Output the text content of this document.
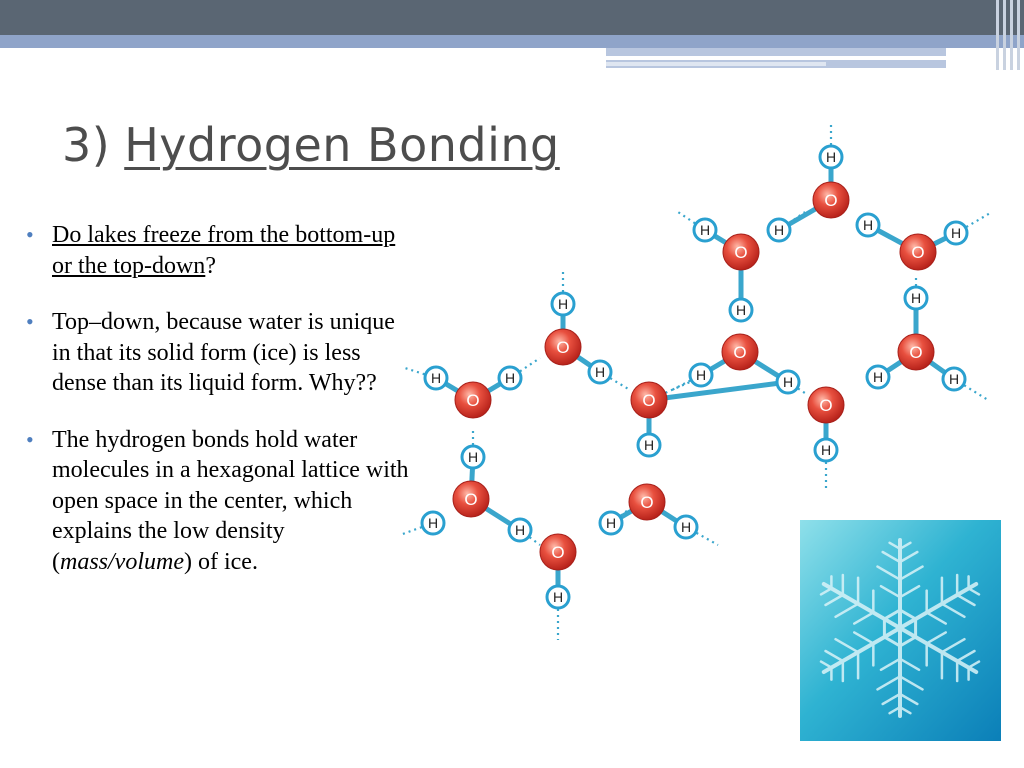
3) Hydrogen Bonding
• Do lakes freeze from the bottom-up or the top-down?
• Top–down, because water is unique in that its solid form (ice) is less dense than its liquid form. Why??
• The hydrogen bonds hold water molecules in a hexagonal lattice with open space in the center, which explains the low density (mass/volume) of ice.
O
O	O
O	O
O
O
O	O
O	O
O
H
H	H
H
H
H
H	H	H	H
H
H
H	H	H	H
H
H
H	H	H	H
H
